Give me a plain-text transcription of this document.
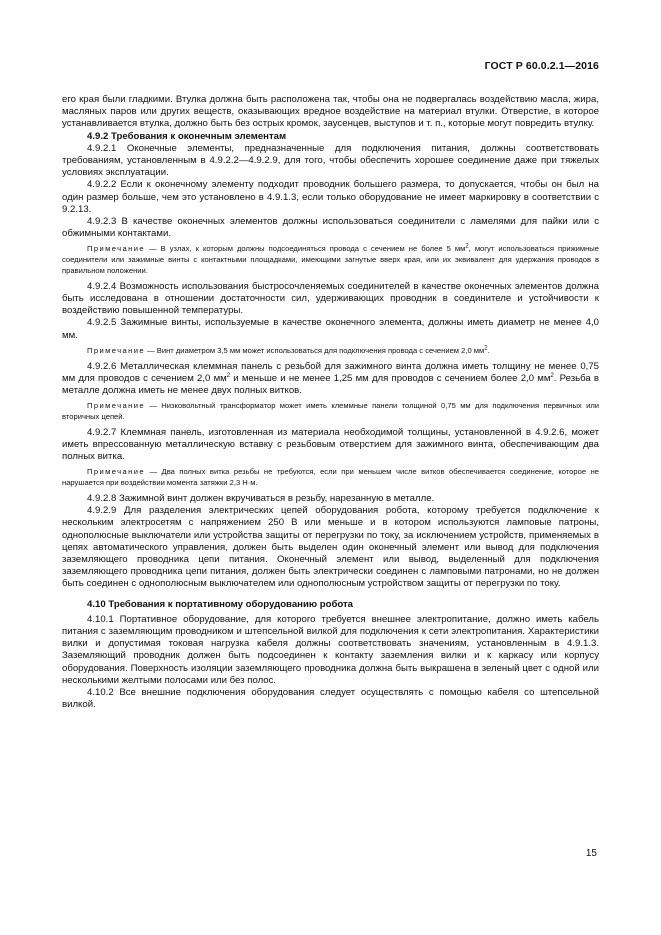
ГОСТ Р 60.0.2.1—2016

его края были гладкими. Втулка должна быть расположена так, чтобы она не подвергалась воздействию масла, жира, масляных паров или других веществ, оказывающих вредное воздействие на материал втулки. Отверстие, в которое устанавливается втулка, должно быть без острых кромок, заусенцев, выступов и т. п., которые могут повредить втулку.

4.9.2 Требования к оконечным элементам

4.9.2.1 Оконечные элементы, предназначенные для подключения питания, должны соответствовать требованиям, установленным в 4.9.2.2—4.9.2.9, для того, чтобы обеспечить хорошее соединение даже при тяжелых условиях эксплуатации.

4.9.2.2 Если к оконечному элементу подходит проводник большего размера, то допускается, чтобы он был на один размер больше, чем это установлено в 4.9.1.3, если только оборудование не имеет маркировку в соответствии с 9.2.13.

4.9.2.3 В качестве оконечных элементов должны использоваться соединители с ламелями для пайки или с обжимными контактами.

Примечание — В узлах, к которым должны подсоединяться провода с сечением не более 5 $мм^2$, могут использоваться прижимные соединители или зажимные винты с контактными площадками, имеющими загнутые вверх края, или их эквивалент для удержания проводов в правильном положении.

4.9.2.4 Возможность использования быстросочленяемых соединителей в качестве оконечных элементов должна быть исследована в отношении достаточности сил, удерживающих проводник в соединителе и устойчивости к воздействию повышенной температуры.

4.9.2.5 Зажимные винты, используемые в качестве оконечного элемента, должны иметь диаметр не менее 4,0 мм.

Примечание — Винт диаметром 3,5 мм может использоваться для подключения провода с сечением 2,0 $мм^2$.

4.9.2.6 Металлическая клеммная панель с резьбой для зажимного винта должна иметь толщину не менее 0,75 мм для проводов с сечением 2,0 $мм^2$ и меньше и не менее 1,25 мм для проводов с сечением более 2,0 $мм^2$. Резьба в металле должна иметь не менее двух полных витков.

Примечание — Низковольтный трансформатор может иметь клеммные панели толщиной 0,75 мм для подключения первичных или вторичных цепей.

4.9.2.7 Клеммная панель, изготовленная из материала необходимой толщины, установленной в 4.9.2.6, может иметь впрессованную металлическую вставку с резьбовым отверстием для зажимного винта, обеспечивающим два полных витка.

Примечание — Два полных витка резьбы не требуются, если при меньшем числе витков обеспечивается соединение, которое не нарушается при воздействии момента затяжки 2,3 Н·м.

4.9.2.8 Зажимной винт должен вкручиваться в резьбу, нарезанную в металле.

4.9.2.9 Для разделения электрических цепей оборудования робота, которому требуется подключение к нескольким электросетям с напряжением 250 В или меньше и в котором используются ламповые патроны, однополюсные выключатели или устройства защиты от перегрузки по току, за исключением устройств, применяемых в цепях автоматического управления, должен быть выделен один оконечный элемент или вывод для подключения заземляющего проводника цепи питания. Оконечный элемент или вывод, выделенный для подключения заземляющего проводника цепи питания, должен быть электрически соединен с ламповыми патронами, но не должен быть соединен с однополюсным выключателем или однополюсным устройством защиты от перегрузки по току.

4.10 Требования к портативному оборудованию робота

4.10.1 Портативное оборудование, для которого требуется внешнее электропитание, должно иметь кабель питания с заземляющим проводником и штепсельной вилкой для подключения к сети электропитания. Характеристики вилки и допустимая токовая нагрузка кабеля должны соответствовать значениям, установленным в 4.9.1.3. Заземляющий проводник должен быть подсоединен к контакту заземления вилки и к каркасу или корпусу оборудования. Поверхность изоляции заземляющего проводника должна быть выкрашена в зеленый цвет с одной или несколькими желтыми полосами или без полос.

4.10.2 Все внешние подключения оборудования следует осуществлять с помощью кабеля со штепсельной вилкой.

15
